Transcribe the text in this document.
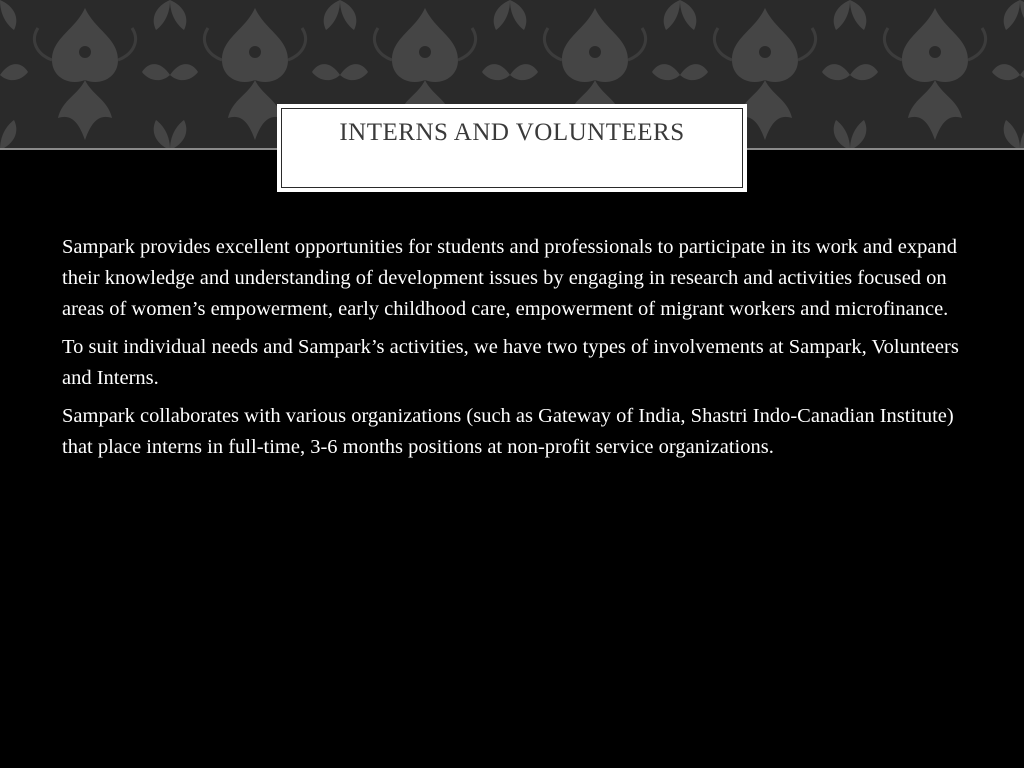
INTERNS AND VOLUNTEERS

Sampark provides excellent opportunities for students and professionals to participate in its work and expand their knowledge and understanding of development issues by engaging in research and activities focused on areas of women’s empowerment, early childhood care, empowerment of migrant workers and microfinance.

To suit individual needs and Sampark’s activities, we have two types of involvements at Sampark, Volunteers and Interns.

Sampark collaborates with various organizations (such as Gateway of India, Shastri Indo-Canadian Institute) that place interns in full-time, 3-6 months positions at non-profit service organizations.
